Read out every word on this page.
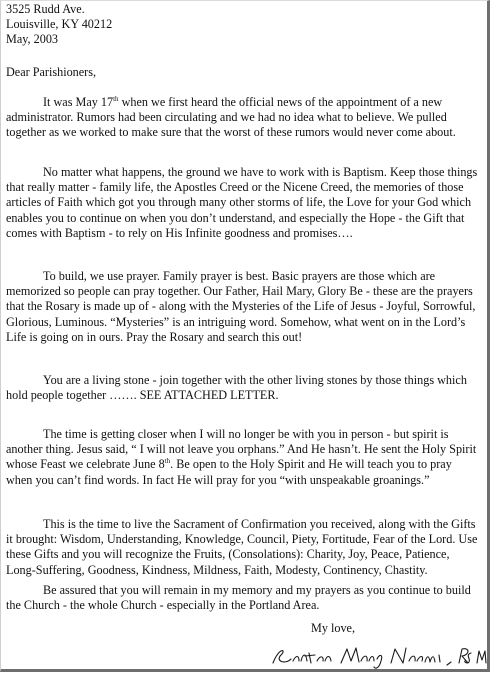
3525 Rudd Ave.
Louisville, KY 40212
May, 2003
Dear Parishioners,
It was May 17th when we first heard the official news of the appointment of a new administrator. Rumors had been circulating and we had no idea what to believe. We pulled together as we worked to make sure that the worst of these rumors would never come about.
No matter what happens, the ground we have to work with is Baptism. Keep those things that really matter - family life, the Apostles Creed or the Nicene Creed, the memories of those articles of Faith which got you through many other storms of life, the Love for your God which enables you to continue on when you don’t understand, and especially the Hope - the Gift that comes with Baptism - to rely on His Infinite goodness and promises….
To build, we use prayer. Family prayer is best. Basic prayers are those which are memorized so people can pray together. Our Father, Hail Mary, Glory Be - these are the prayers that the Rosary is made up of - along with the Mysteries of the Life of Jesus - Joyful, Sorrowful, Glorious, Luminous. “Mysteries” is an intriguing word. Somehow, what went on in the Lord’s Life is going on in ours. Pray the Rosary and search this out!
You are a living stone - join together with the other living stones by those things which hold people together ……. SEE ATTACHED LETTER.
The time is getting closer when I will no longer be with you in person - but spirit is another thing. Jesus said, “ I will not leave you orphans.” And He hasn’t. He sent the Holy Spirit whose Feast we celebrate June 8th. Be open to the Holy Spirit and He will teach you to pray when you can’t find words. In fact He will pray for you “with unspeakable groanings.”
This is the time to live the Sacrament of Confirmation you received, along with the Gifts it brought: Wisdom, Understanding, Knowledge, Council, Piety, Fortitude, Fear of the Lord. Use these Gifts and you will recognize the Fruits, (Consolations): Charity, Joy, Peace, Patience, Long-Suffering, Goodness, Kindness, Mildness, Faith, Modesty, Continency, Chastity.
Be assured that you will remain in my memory and my prayers as you continue to build the Church - the whole Church - especially in the Portland Area.
My love,
